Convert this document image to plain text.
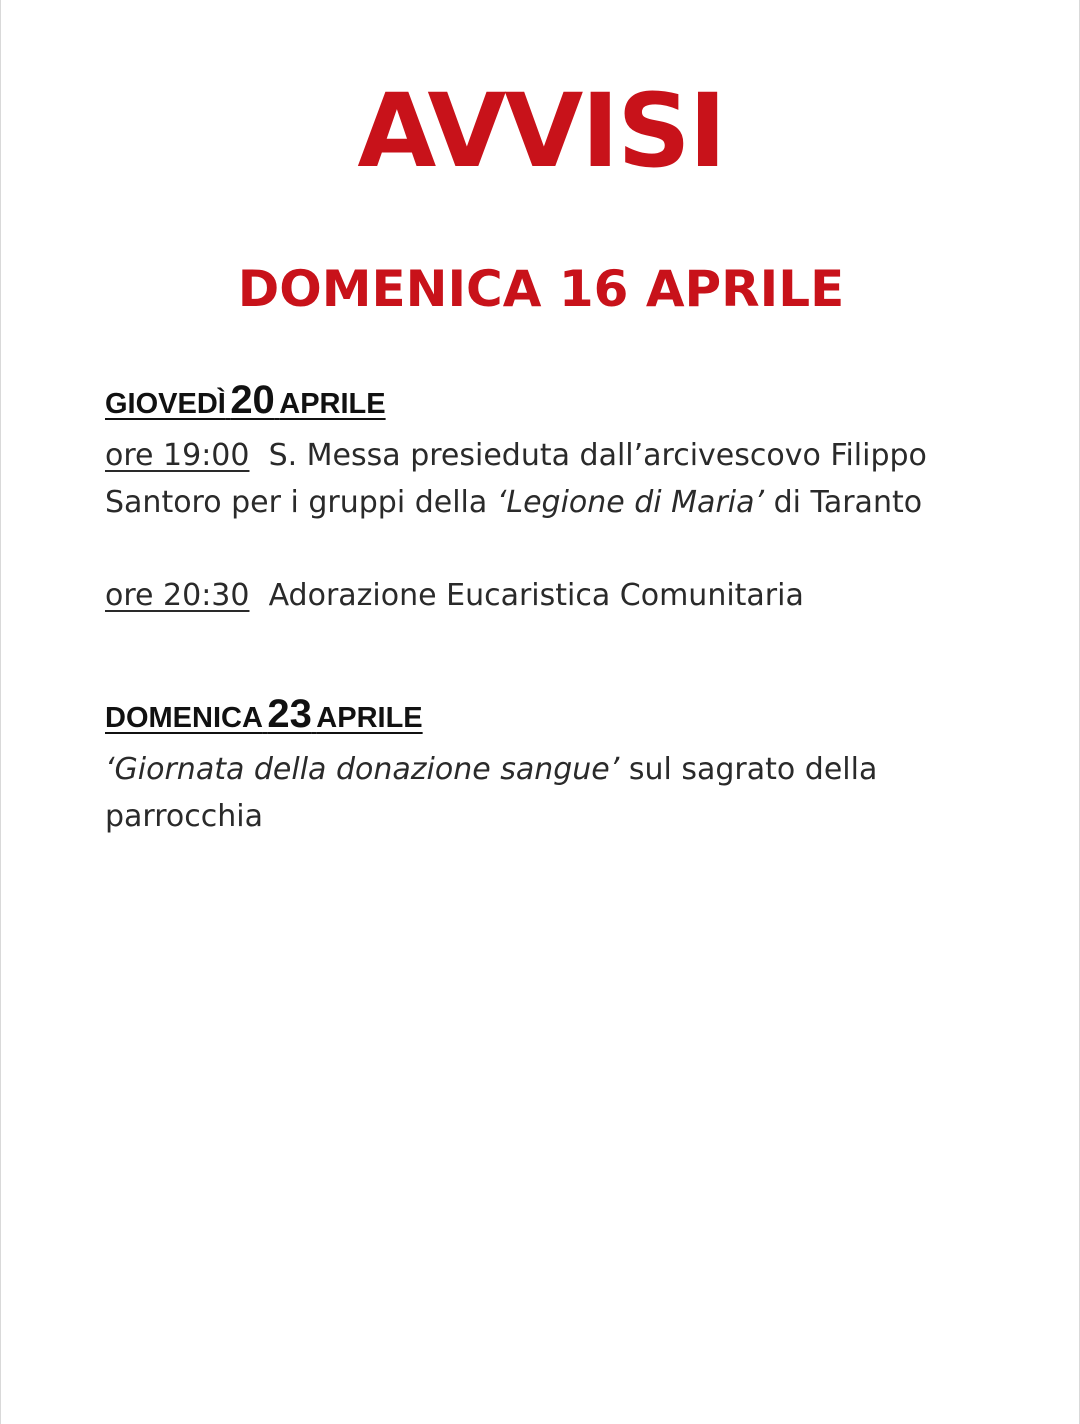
AVVISI
DOMENICA 16 APRILE
GIOVEDÌ 20 APRILE

ore 19:00 S. Messa presieduta dall’arcivescovo Filippo Santoro per i gruppi della ‘Legione di Maria’ di Taranto

ore 20:30 Adorazione Eucaristica Comunitaria

DOMENICA 23 APRILE

‘Giornata della donazione sangue’ sul sagrato della parrocchia
